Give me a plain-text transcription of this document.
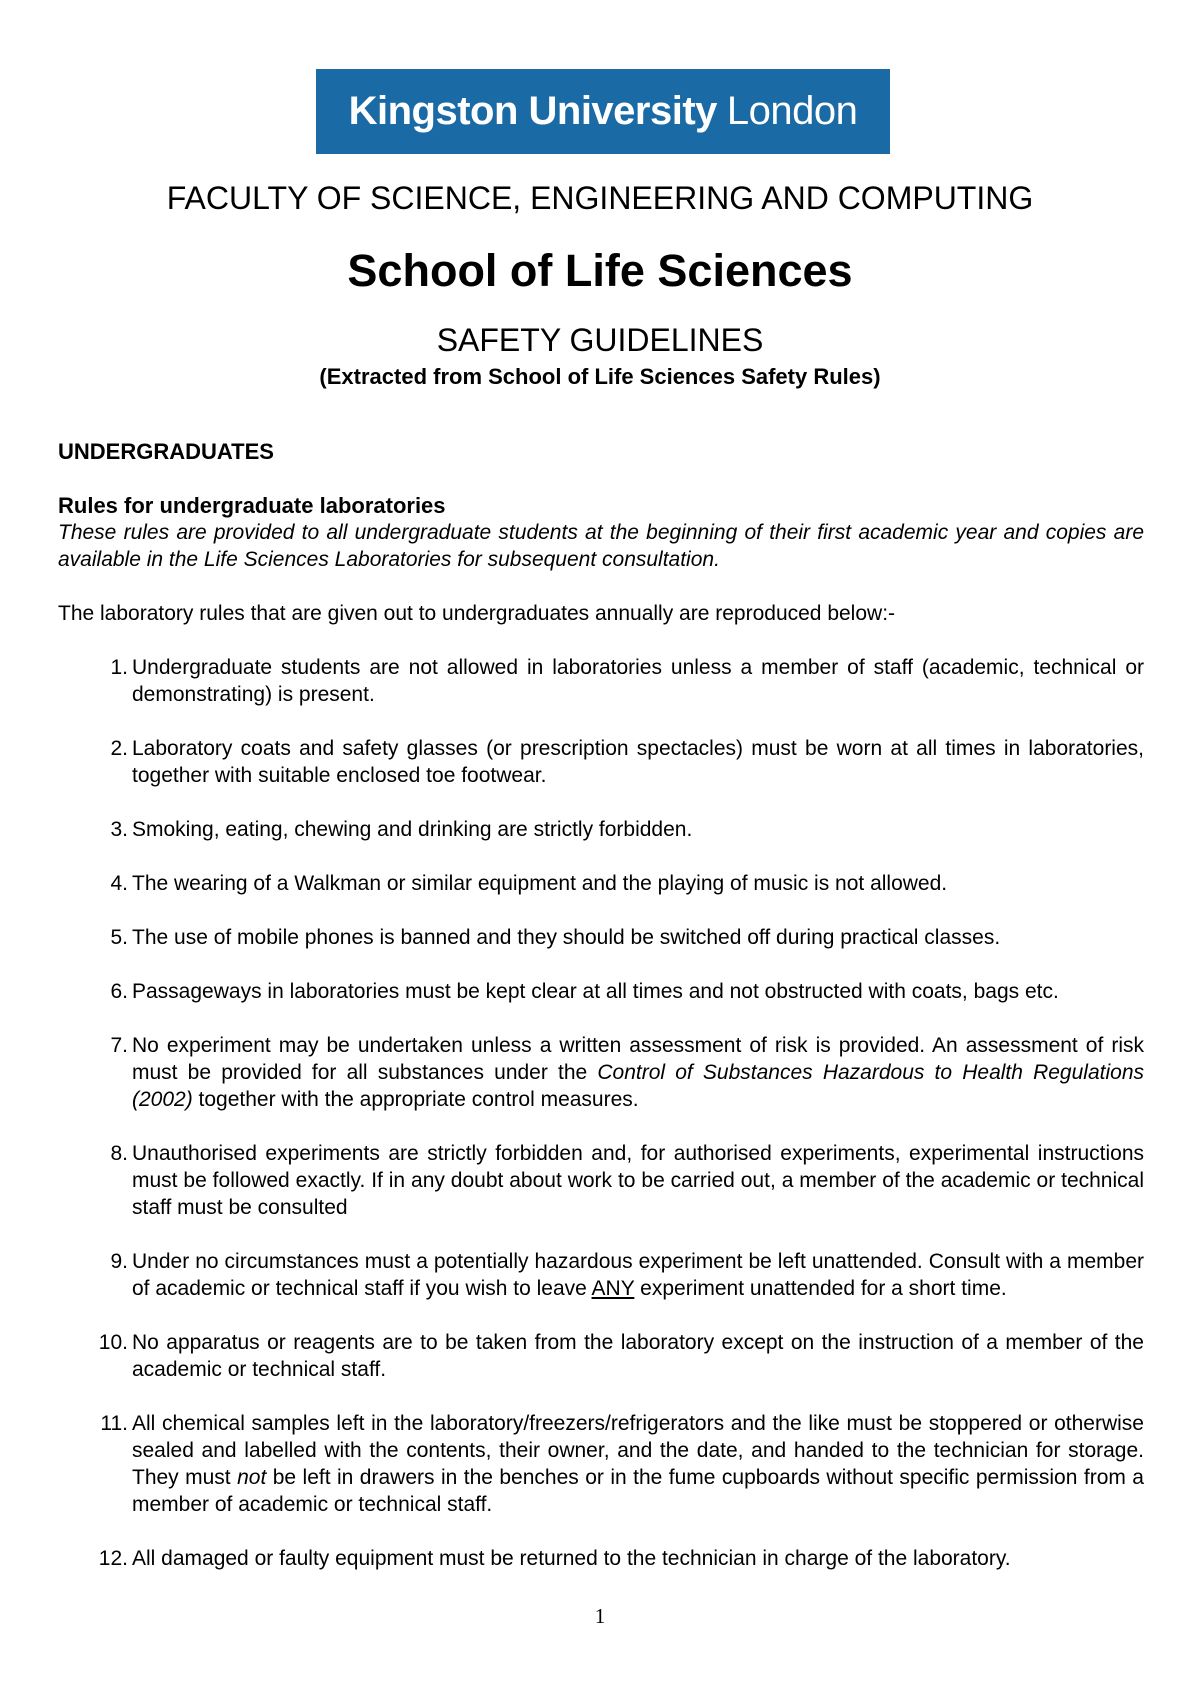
Kingston University London
FACULTY OF SCIENCE, ENGINEERING AND COMPUTING
School of Life Sciences
SAFETY GUIDELINES
(Extracted from School of Life Sciences Safety Rules)
UNDERGRADUATES
Rules for undergraduate laboratories
These rules are provided to all undergraduate students at the beginning of their first academic year and copies are available in the Life Sciences Laboratories for subsequent consultation.
The laboratory rules that are given out to undergraduates annually are reproduced below:-
1. Undergraduate students are not allowed in laboratories unless a member of staff (academic, technical or demonstrating) is present.
2. Laboratory coats and safety glasses (or prescription spectacles) must be worn at all times in laboratories, together with suitable enclosed toe footwear.
3. Smoking, eating, chewing and drinking are strictly forbidden.
4. The wearing of a Walkman or similar equipment and the playing of music is not allowed.
5. The use of mobile phones is banned and they should be switched off during practical classes.
6. Passageways in laboratories must be kept clear at all times and not obstructed with coats, bags etc.
7. No experiment may be undertaken unless a written assessment of risk is provided. An assessment of risk must be provided for all substances under the Control of Substances Hazardous to Health Regulations (2002) together with the appropriate control measures.
8. Unauthorised experiments are strictly forbidden and, for authorised experiments, experimental instructions must be followed exactly. If in any doubt about work to be carried out, a member of the academic or technical staff must be consulted
9. Under no circumstances must a potentially hazardous experiment be left unattended. Consult with a member of academic or technical staff if you wish to leave ANY experiment unattended for a short time.
10. No apparatus or reagents are to be taken from the laboratory except on the instruction of a member of the academic or technical staff.
11. All chemical samples left in the laboratory/freezers/refrigerators and the like must be stoppered or otherwise sealed and labelled with the contents, their owner, and the date, and handed to the technician for storage. They must not be left in drawers in the benches or in the fume cupboards without specific permission from a member of academic or technical staff.
12. All damaged or faulty equipment must be returned to the technician in charge of the laboratory.
1
